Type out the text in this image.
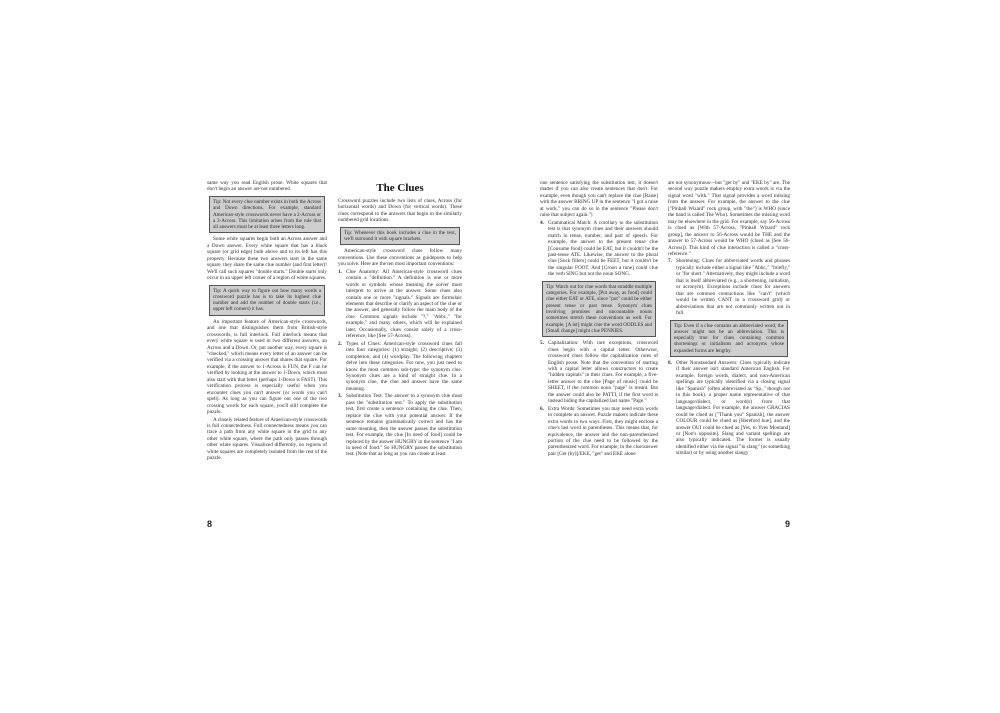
same way you read English prose. White squares that don't begin an answer are not numbered.

Tip: Not every clue number exists in both the Across and Down directions. For example, standard American-style crosswords never have a 2-Across or a 3-Across. This limitation arises from the rule that all answers must be at least three letters long.

Some white squares begin both an Across answer and a Down answer. Every white square that has a black square (or grid edge) both above and to its left has this property. Because these two answers start in the same square, they share the same clue number (and first letter)! We'll call such squares "double starts." Double starts only occur in an upper left corner of a region of white squares.

Tip: A quick way to figure out how many words a crossword puzzle has is to take its highest clue number and add the number of double starts (i.e., upper left corners) it has.

An important feature of American-style crosswords, and one that distinguishes them from British-style crosswords, is full interlock. Full interlock means that every white square is used in two different answers, an Across and a Down. Or, put another way, every square is "checked," which means every letter of an answer can be verified via a crossing answer that shares that square. For example, if the answer to 1-Across is FUN, the F can be verified by looking at the answer to 1-Down, which must also start with that letter (perhaps 1-Down is FAST). This verification process is especially useful when you encounter clues you can't answer (or words you can't spell). As long as you can figure out one of the two crossing words for each square, you'll still complete the puzzle.

A closely related feature of American-style crosswords is full connectedness. Full connectedness means you can trace a path from any white square in the grid to any other white square, where the path only passes through other white squares. Visualized differently, no regions of white squares are completely isolated from the rest of the puzzle.

The Clues

Crossword puzzles include two lists of clues, Across (for horizontal words) and Down (for vertical words). These clues correspond to the answers that begin in the similarly numbered grid locations.

Tip: Whenever this book includes a clue in the text, we'll surround it with square brackets.

American-style crossword clues follow many conventions. Use these conventions as guideposts to help you solve. Here are the ten most important conventions:

1. Clue Anatomy: All American-style crossword clues contain a "definition." A definition is one or more words or symbols whose meaning the solver must interpret to arrive at the answer. Some clues also contain one or more "signals." Signals are formulaic elements that describe or clarify an aspect of the clue or the answer, and generally follow the main body of the clue. Common signals include "?," "Abbr.," "for example," and many others, which will be explained later. Occasionally, clues consist solely of a cross-reference, like [See 57-Across].
2. Types of Clues: American-style crossword clues fall into four categories: (1) straight; (2) descriptive; (3) completion; and (4) wordplay. The following chapters delve into these categories. For now, you just need to know the most common sub-type: the synonym clue. Synonym clues are a kind of straight clue. In a synonym clue, the clue and answer have the same meaning.
3. Substitution Test: The answer to a synonym clue must pass the "substitution test." To apply the substitution test, first create a sentence containing the clue. Then, replace the clue with your potential answer. If the sentence remains grammatically correct and has the same meaning, then the answer passes the substitution test. For example, the clue [In need of food] could be replaced by the answer HUNGRY in the sentence "I am in need of food." So HUNGRY passes the substitution test. (Note that as long as you can create at least
8

one sentence satisfying the substitution test, it doesn't matter if you can also create sentences that don't. For example, even though you can't replace the clue [Raise] with the answer BRING UP in the sentence "I got a raise at work," you can do so in the sentence "Please don't raise that subject again.")

4. Grammatical Match: A corollary to the substitution test is that synonym clues and their answers should match in tense, number, and part of speech. For example, the answer to the present tense clue [Consume food] could be EAT, but it couldn't be the past-tense ATE. Likewise, the answer to the plural clue [Sock fillers] could be FEET, but it couldn't be the singular FOOT. And [Croon a tune] could clue the verb SING but not the noun SONG.
Tip: Watch out for clue words that straddle multiple categories. For example, [Put away, as food] could clue either EAT or ATE, since "put" could be either present tense or past tense. Synonym clues involving promises and uncountable nouns sometimes stretch these conventions as well. For example, [A lot] might clue the word OODLES and [Small change] might clue PENNIES.
5. Capitalization: With rare exceptions, crossword clues begin with a capital letter. Otherwise, crossword clues follow the capitalization rules of English prose. Note that the convention of starting with a capital letter allows constructors to create "hidden capitals" in their clues. For example, a five-letter answer to the clue [Page of music] could be SHEET, if the common noun "page" is meant. But the answer could also be PATTI, if the first word is instead hiding the capitalized last name "Page."
6. Extra Words: Sometimes you may need extra words to complete an answer. Puzzle makers indicate these extra words in two ways. First, they might enclose a clue's last word in parentheses. This means that, for equivalence, the answer and the non-parenthesized portion of the clue need to be followed by the parenthesized word. For example, in the clue/answer pair [Get (by)]/EKE, "get" and EKE alone

are not synonymous—but "get by" and "EKE by" are. The second way puzzle makers employ extra words is via the signal word "with." That signal provides a word missing from the answer. For example, the answer to the clue ["Pinball Wizard" rock group, with "the"] is WHO (since the band is called The Who). Sometimes the missing word may be elsewhere in the grid. For example, say 56-Across is clued as [With 57-Across, "Pinball Wizard" rock group], the answer to 56-Across would be THE and the answer to 57-Across would be WHO (clued as [See 56-Across]). This kind of clue interaction is called a "cross-reference."

7. Shortening: Clues for abbreviated words and phrases typically include either a signal like "Abbr.," "briefly," or "for short." Alternatively, they might include a word that is itself abbreviated (e.g., a shortening, initialism, or acronym). Exceptions include clues for answers that are common contractions like "can't" (which would be written CANT in a crossword grid) or abbreviations that are not commonly written out in full.
Tip: Even if a clue contains an abbreviated word, the answer might not be an abbreviation. This is especially true for clues containing common shortenings or initialisms and acronyms whose expanded forms are lengthy.
8. Other Nonstandard Answers: Clues typically indicate if their answer isn't standard American English. For example, foreign words, dialect, and non-American spellings are typically identified via a closing signal like "Spanish" (often abbreviated as "Sp.," though not in this book), a proper name representative of that language/dialect, or word(s) from that language/dialect. For example, the answer GRACIAS could be clued as ["Thank you" Spanish], the answer COLOUR could be clued as [Hereford hue], and the answer OUI could be clued as [Yes, to Yves Montand] or [Non's opposite]. Slang and variant spellings are also typically indicated. The former is usually identified either via the signal "in slang" (or something similar) or by using another slangy
9
